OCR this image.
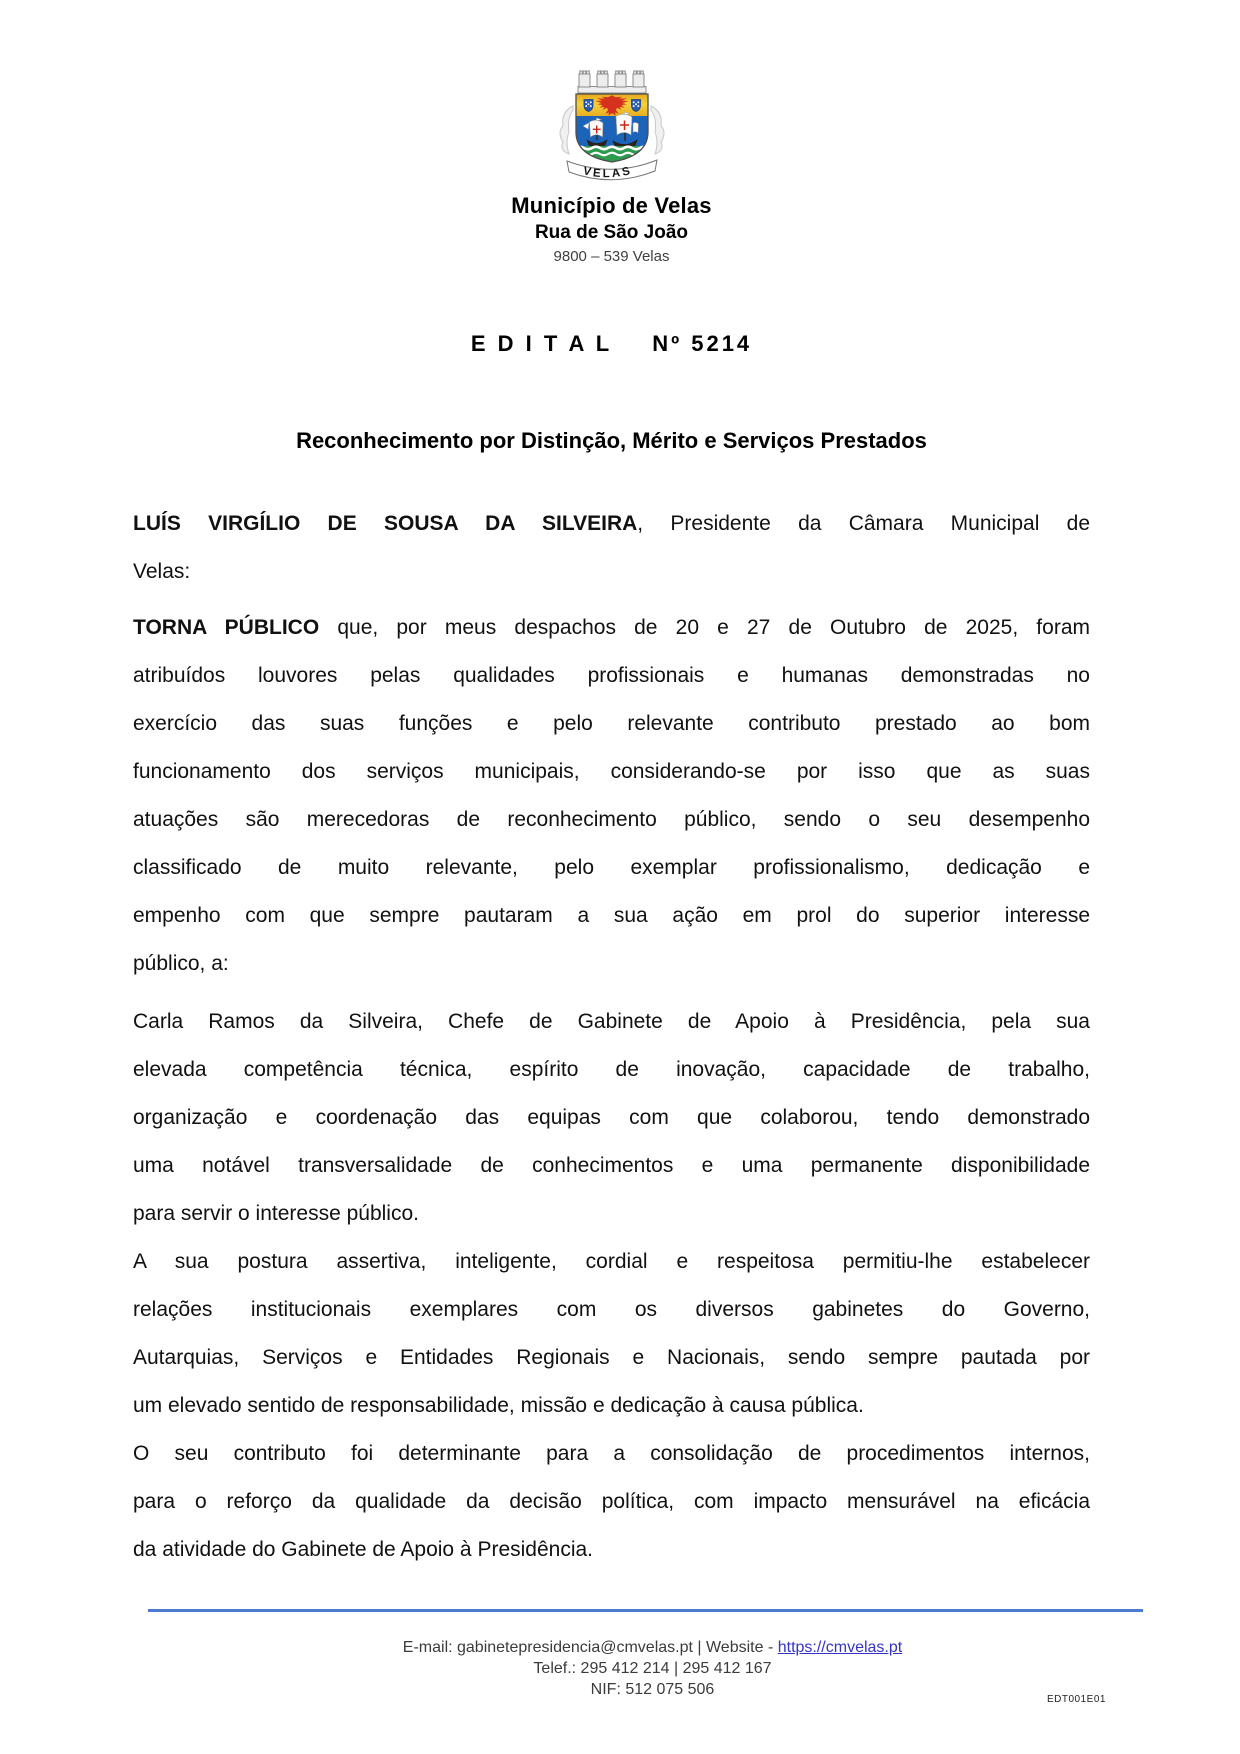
VELAS
Município de Velas
Rua de São João
9800 – 539 Velas
E D I T A L Nº 5214
Reconhecimento por Distinção, Mérito e Serviços Prestados
LUÍS VIRGÍLIO DE SOUSA DA SILVEIRA, Presidente da Câmara Municipal de
Velas:
TORNA PÚBLICO que, por meus despachos de 20 e 27 de Outubro de 2025, foram
atribuídos louvores pelas qualidades profissionais e humanas demonstradas no
exercício das suas funções e pelo relevante contributo prestado ao bom
funcionamento dos serviços municipais, considerando-se por isso que as suas
atuações são merecedoras de reconhecimento público, sendo o seu desempenho
classificado de muito relevante, pelo exemplar profissionalismo, dedicação e
empenho com que sempre pautaram a sua ação em prol do superior interesse
público, a:
Carla Ramos da Silveira, Chefe de Gabinete de Apoio à Presidência, pela sua
elevada competência técnica, espírito de inovação, capacidade de trabalho,
organização e coordenação das equipas com que colaborou, tendo demonstrado
uma notável transversalidade de conhecimentos e uma permanente disponibilidade
para servir o interesse público.
A sua postura assertiva, inteligente, cordial e respeitosa permitiu-lhe estabelecer
relações institucionais exemplares com os diversos gabinetes do Governo,
Autarquias, Serviços e Entidades Regionais e Nacionais, sendo sempre pautada por
um elevado sentido de responsabilidade, missão e dedicação à causa pública.
O seu contributo foi determinante para a consolidação de procedimentos internos,
para o reforço da qualidade da decisão política, com impacto mensurável na eficácia
da atividade do Gabinete de Apoio à Presidência.
E-mail: gabinetepresidencia@cmvelas.pt | Website - https://cmvelas.pt
Telef.: 295 412 214 | 295 412 167
NIF: 512 075 506
EDT001E01
